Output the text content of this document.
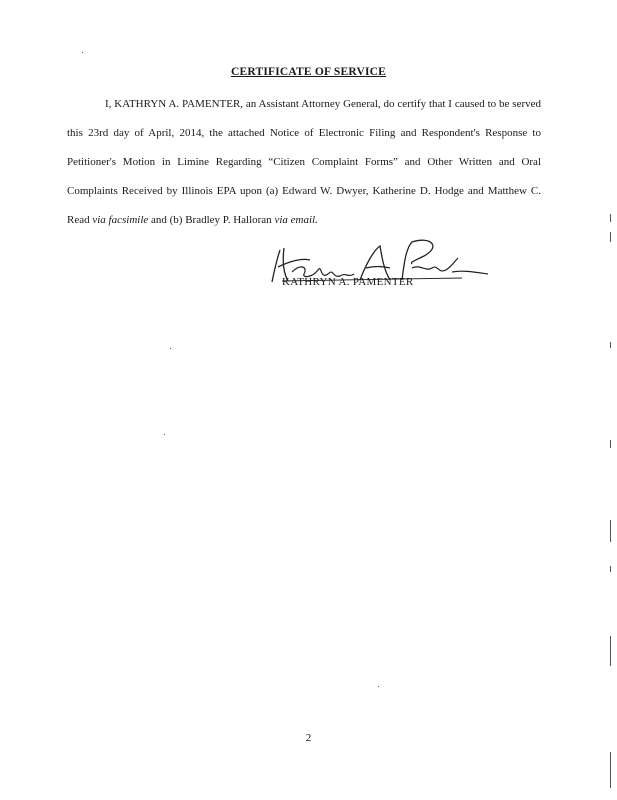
CERTIFICATE OF SERVICE
I, KATHRYN A. PAMENTER, an Assistant Attorney General, do certify that I caused to be served this 23rd day of April, 2014, the attached Notice of Electronic Filing and Respondent's Response to Petitioner's Motion in Limine Regarding “Citizen Complaint Forms” and Other Written and Oral Complaints Received by Illinois EPA upon (a) Edward W. Dwyer, Katherine D. Hodge and Matthew C. Read via facsimile and (b) Bradley P. Halloran via email.
KATHRYN A. PAMENTER
2
